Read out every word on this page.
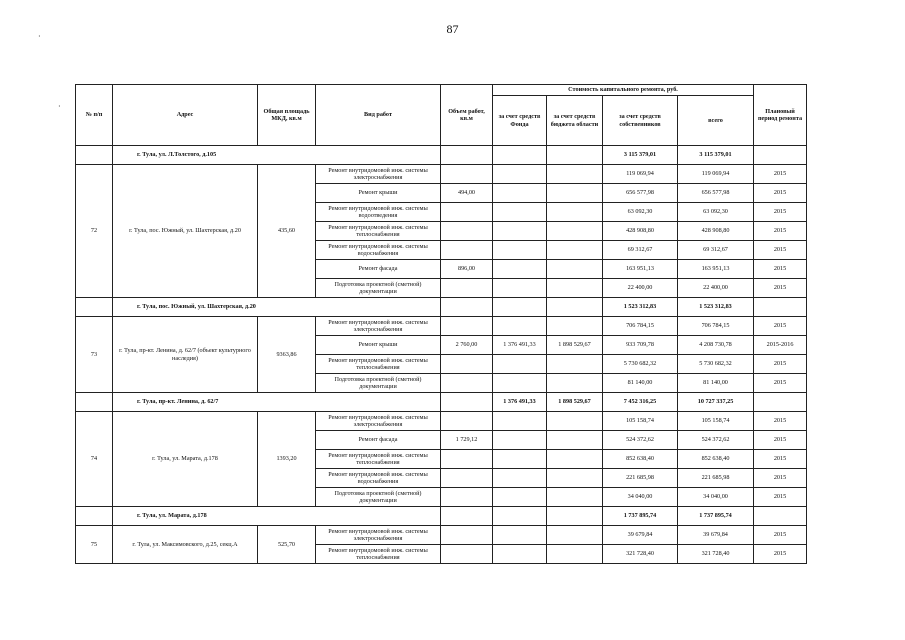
87
·
·
№ п/п	Адрес	Общая площадь МКД, кв.м	Вид работ	Объем работ, кв.м	Стоимость капитального ремонта, руб.				Плановый период ремонта
					за счет средств Фонда	за счет средств бюджета области	за счет средств собственников	всего	
	г. Тула, ул. Л.Толстого, д.105						3 115 379,01	3 115 379,01	
72	г. Тула, пос. Южный, ул. Шахтерская, д.20	435,60	Ремонт внутридомовой инж. системы электроснабжения				119 069,94	119 069,94	2015
			Ремонт крыши	494,00			656 577,98	656 577,98	2015
			Ремонт внутридомовой инж. системы водоотведения				63 092,30	63 092,30	2015
			Ремонт внутридомовой инж. системы теплоснабжения				428 908,80	428 908,80	2015
			Ремонт внутридомовой инж. системы водоснабжения				69 312,67	69 312,67	2015
			Ремонт фасада	896,00			163 951,13	163 951,13	2015
			Подготовка проектной (сметной) документации				22 400,00	22 400,00	2015
	г. Тула, пос. Южный, ул. Шахтерская, д.20						1 523 312,83	1 523 312,83	
73	г. Тула, пр-кт. Ленина, д. 62/7 (объект культурного наследия)	9363,86	Ремонт внутридомовой инж. системы электроснабжения				706 784,15	706 784,15	2015
			Ремонт крыши	2 760,00	1 376 491,33	1 898 529,67	933 709,78	4 208 730,78	2015-2016
			Ремонт внутридомовой инж. системы теплоснабжения				5 730 682,32	5 730 682,32	2015
			Подготовка проектной (сметной) документации				81 140,00	81 140,00	2015
	г. Тула, пр-кт. Ленина, д. 62/7				1 376 491,33	1 898 529,67	7 452 316,25	10 727 337,25	
74	г. Тула, ул. Марата, д.178	1393,20	Ремонт внутридомовой инж. системы электроснабжения				105 158,74	105 158,74	2015
			Ремонт фасада	1 729,12			524 372,62	524 372,62	2015
			Ремонт внутридомовой инж. системы теплоснабжения				852 638,40	852 638,40	2015
			Ремонт внутридомовой инж. системы водоснабжения				221 685,98	221 685,98	2015
			Подготовка проектной (сметной) документации				34 040,00	34 040,00	2015
	г. Тула, ул. Марата, д.178						1 737 895,74	1 737 895,74	
75	г. Тула, ул. Максимовского, д.25, секц.А	525,70	Ремонт внутридомовой инж. системы электроснабжения				39 679,84	39 679,84	2015
			Ремонт внутридомовой инж. системы теплоснабжения				321 728,40	321 728,40	2015
